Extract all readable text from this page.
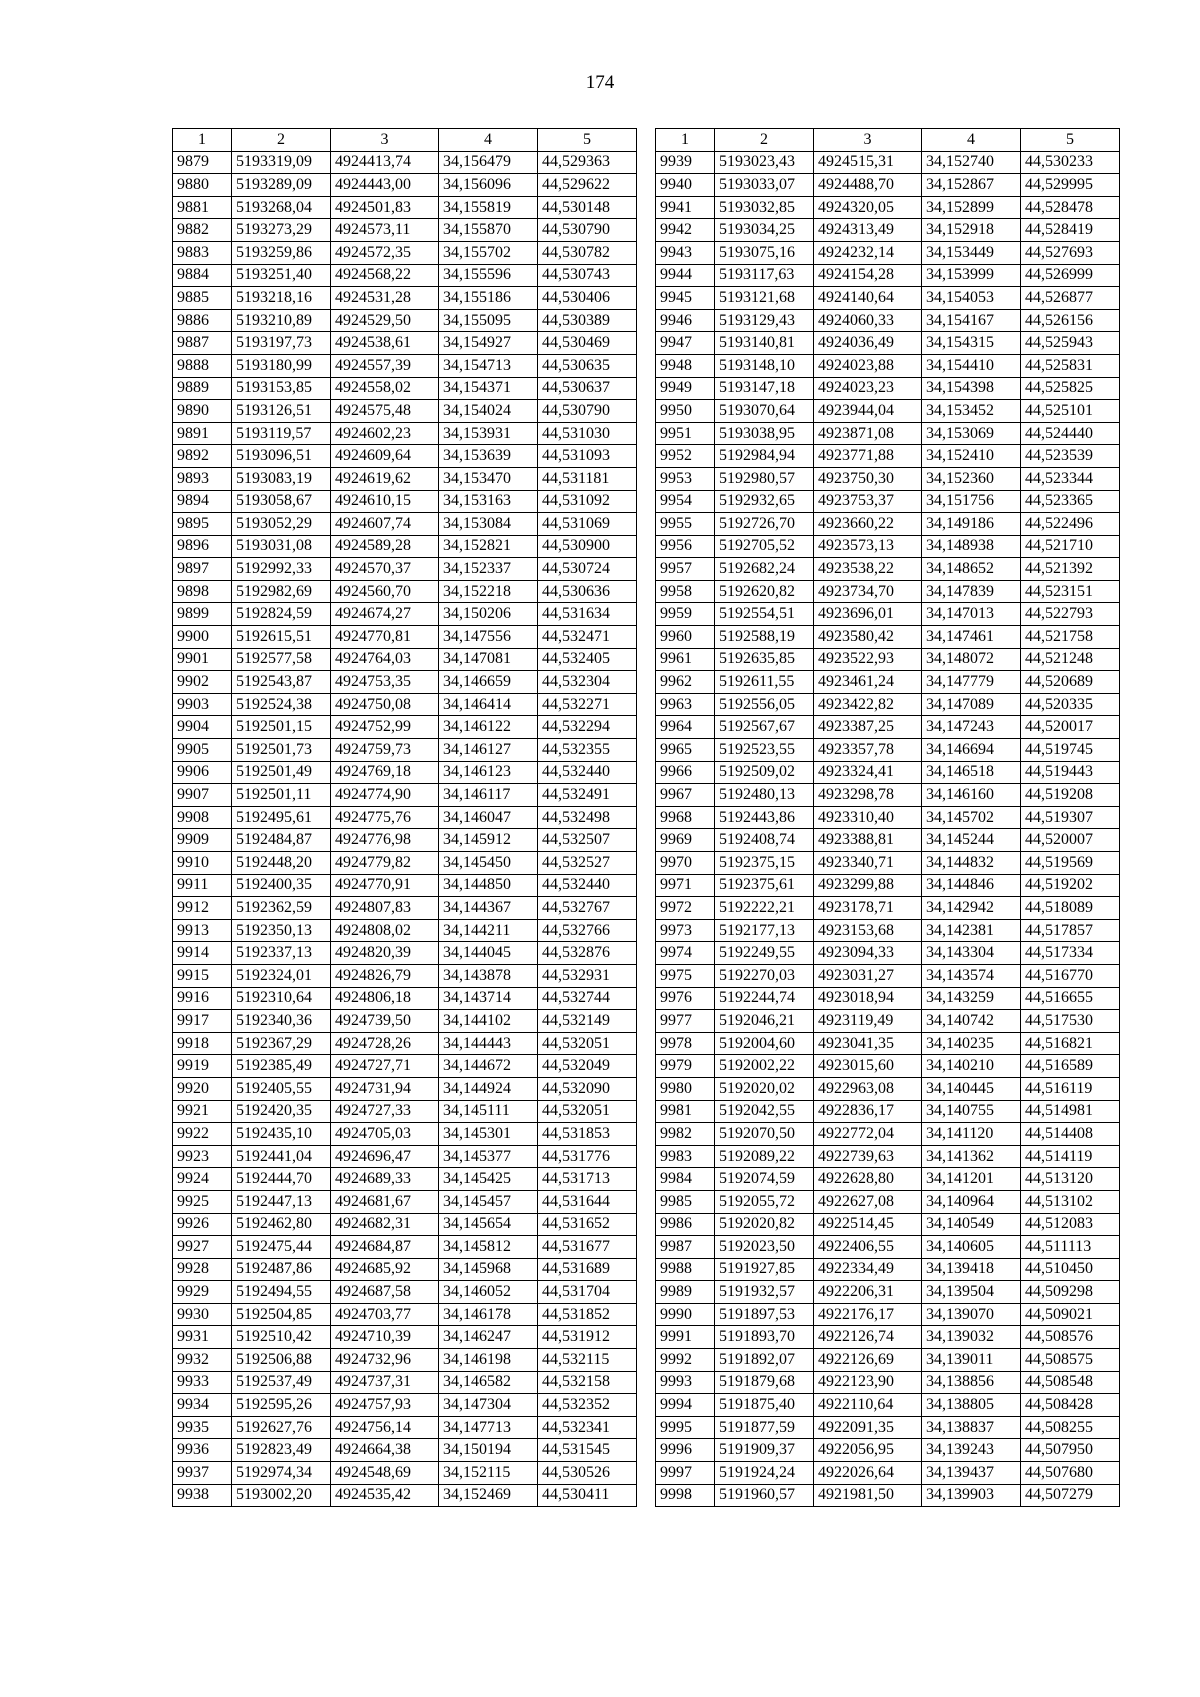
174
1	2	3	4	5
9879	5193319,09	4924413,74	34,156479	44,529363
9880	5193289,09	4924443,00	34,156096	44,529622
9881	5193268,04	4924501,83	34,155819	44,530148
9882	5193273,29	4924573,11	34,155870	44,530790
9883	5193259,86	4924572,35	34,155702	44,530782
9884	5193251,40	4924568,22	34,155596	44,530743
9885	5193218,16	4924531,28	34,155186	44,530406
9886	5193210,89	4924529,50	34,155095	44,530389
9887	5193197,73	4924538,61	34,154927	44,530469
9888	5193180,99	4924557,39	34,154713	44,530635
9889	5193153,85	4924558,02	34,154371	44,530637
9890	5193126,51	4924575,48	34,154024	44,530790
9891	5193119,57	4924602,23	34,153931	44,531030
9892	5193096,51	4924609,64	34,153639	44,531093
9893	5193083,19	4924619,62	34,153470	44,531181
9894	5193058,67	4924610,15	34,153163	44,531092
9895	5193052,29	4924607,74	34,153084	44,531069
9896	5193031,08	4924589,28	34,152821	44,530900
9897	5192992,33	4924570,37	34,152337	44,530724
9898	5192982,69	4924560,70	34,152218	44,530636
9899	5192824,59	4924674,27	34,150206	44,531634
9900	5192615,51	4924770,81	34,147556	44,532471
9901	5192577,58	4924764,03	34,147081	44,532405
9902	5192543,87	4924753,35	34,146659	44,532304
9903	5192524,38	4924750,08	34,146414	44,532271
9904	5192501,15	4924752,99	34,146122	44,532294
9905	5192501,73	4924759,73	34,146127	44,532355
9906	5192501,49	4924769,18	34,146123	44,532440
9907	5192501,11	4924774,90	34,146117	44,532491
9908	5192495,61	4924775,76	34,146047	44,532498
9909	5192484,87	4924776,98	34,145912	44,532507
9910	5192448,20	4924779,82	34,145450	44,532527
9911	5192400,35	4924770,91	34,144850	44,532440
9912	5192362,59	4924807,83	34,144367	44,532767
9913	5192350,13	4924808,02	34,144211	44,532766
9914	5192337,13	4924820,39	34,144045	44,532876
9915	5192324,01	4924826,79	34,143878	44,532931
9916	5192310,64	4924806,18	34,143714	44,532744
9917	5192340,36	4924739,50	34,144102	44,532149
9918	5192367,29	4924728,26	34,144443	44,532051
9919	5192385,49	4924727,71	34,144672	44,532049
9920	5192405,55	4924731,94	34,144924	44,532090
9921	5192420,35	4924727,33	34,145111	44,532051
9922	5192435,10	4924705,03	34,145301	44,531853
9923	5192441,04	4924696,47	34,145377	44,531776
9924	5192444,70	4924689,33	34,145425	44,531713
9925	5192447,13	4924681,67	34,145457	44,531644
9926	5192462,80	4924682,31	34,145654	44,531652
9927	5192475,44	4924684,87	34,145812	44,531677
9928	5192487,86	4924685,92	34,145968	44,531689
9929	5192494,55	4924687,58	34,146052	44,531704
9930	5192504,85	4924703,77	34,146178	44,531852
9931	5192510,42	4924710,39	34,146247	44,531912
9932	5192506,88	4924732,96	34,146198	44,532115
9933	5192537,49	4924737,31	34,146582	44,532158
9934	5192595,26	4924757,93	34,147304	44,532352
9935	5192627,76	4924756,14	34,147713	44,532341
9936	5192823,49	4924664,38	34,150194	44,531545
9937	5192974,34	4924548,69	34,152115	44,530526
9938	5193002,20	4924535,42	34,152469	44,530411
1	2	3	4	5
9939	5193023,43	4924515,31	34,152740	44,530233
9940	5193033,07	4924488,70	34,152867	44,529995
9941	5193032,85	4924320,05	34,152899	44,528478
9942	5193034,25	4924313,49	34,152918	44,528419
9943	5193075,16	4924232,14	34,153449	44,527693
9944	5193117,63	4924154,28	34,153999	44,526999
9945	5193121,68	4924140,64	34,154053	44,526877
9946	5193129,43	4924060,33	34,154167	44,526156
9947	5193140,81	4924036,49	34,154315	44,525943
9948	5193148,10	4924023,88	34,154410	44,525831
9949	5193147,18	4924023,23	34,154398	44,525825
9950	5193070,64	4923944,04	34,153452	44,525101
9951	5193038,95	4923871,08	34,153069	44,524440
9952	5192984,94	4923771,88	34,152410	44,523539
9953	5192980,57	4923750,30	34,152360	44,523344
9954	5192932,65	4923753,37	34,151756	44,523365
9955	5192726,70	4923660,22	34,149186	44,522496
9956	5192705,52	4923573,13	34,148938	44,521710
9957	5192682,24	4923538,22	34,148652	44,521392
9958	5192620,82	4923734,70	34,147839	44,523151
9959	5192554,51	4923696,01	34,147013	44,522793
9960	5192588,19	4923580,42	34,147461	44,521758
9961	5192635,85	4923522,93	34,148072	44,521248
9962	5192611,55	4923461,24	34,147779	44,520689
9963	5192556,05	4923422,82	34,147089	44,520335
9964	5192567,67	4923387,25	34,147243	44,520017
9965	5192523,55	4923357,78	34,146694	44,519745
9966	5192509,02	4923324,41	34,146518	44,519443
9967	5192480,13	4923298,78	34,146160	44,519208
9968	5192443,86	4923310,40	34,145702	44,519307
9969	5192408,74	4923388,81	34,145244	44,520007
9970	5192375,15	4923340,71	34,144832	44,519569
9971	5192375,61	4923299,88	34,144846	44,519202
9972	5192222,21	4923178,71	34,142942	44,518089
9973	5192177,13	4923153,68	34,142381	44,517857
9974	5192249,55	4923094,33	34,143304	44,517334
9975	5192270,03	4923031,27	34,143574	44,516770
9976	5192244,74	4923018,94	34,143259	44,516655
9977	5192046,21	4923119,49	34,140742	44,517530
9978	5192004,60	4923041,35	34,140235	44,516821
9979	5192002,22	4923015,60	34,140210	44,516589
9980	5192020,02	4922963,08	34,140445	44,516119
9981	5192042,55	4922836,17	34,140755	44,514981
9982	5192070,50	4922772,04	34,141120	44,514408
9983	5192089,22	4922739,63	34,141362	44,514119
9984	5192074,59	4922628,80	34,141201	44,513120
9985	5192055,72	4922627,08	34,140964	44,513102
9986	5192020,82	4922514,45	34,140549	44,512083
9987	5192023,50	4922406,55	34,140605	44,511113
9988	5191927,85	4922334,49	34,139418	44,510450
9989	5191932,57	4922206,31	34,139504	44,509298
9990	5191897,53	4922176,17	34,139070	44,509021
9991	5191893,70	4922126,74	34,139032	44,508576
9992	5191892,07	4922126,69	34,139011	44,508575
9993	5191879,68	4922123,90	34,138856	44,508548
9994	5191875,40	4922110,64	34,138805	44,508428
9995	5191877,59	4922091,35	34,138837	44,508255
9996	5191909,37	4922056,95	34,139243	44,507950
9997	5191924,24	4922026,64	34,139437	44,507680
9998	5191960,57	4921981,50	34,139903	44,507279
